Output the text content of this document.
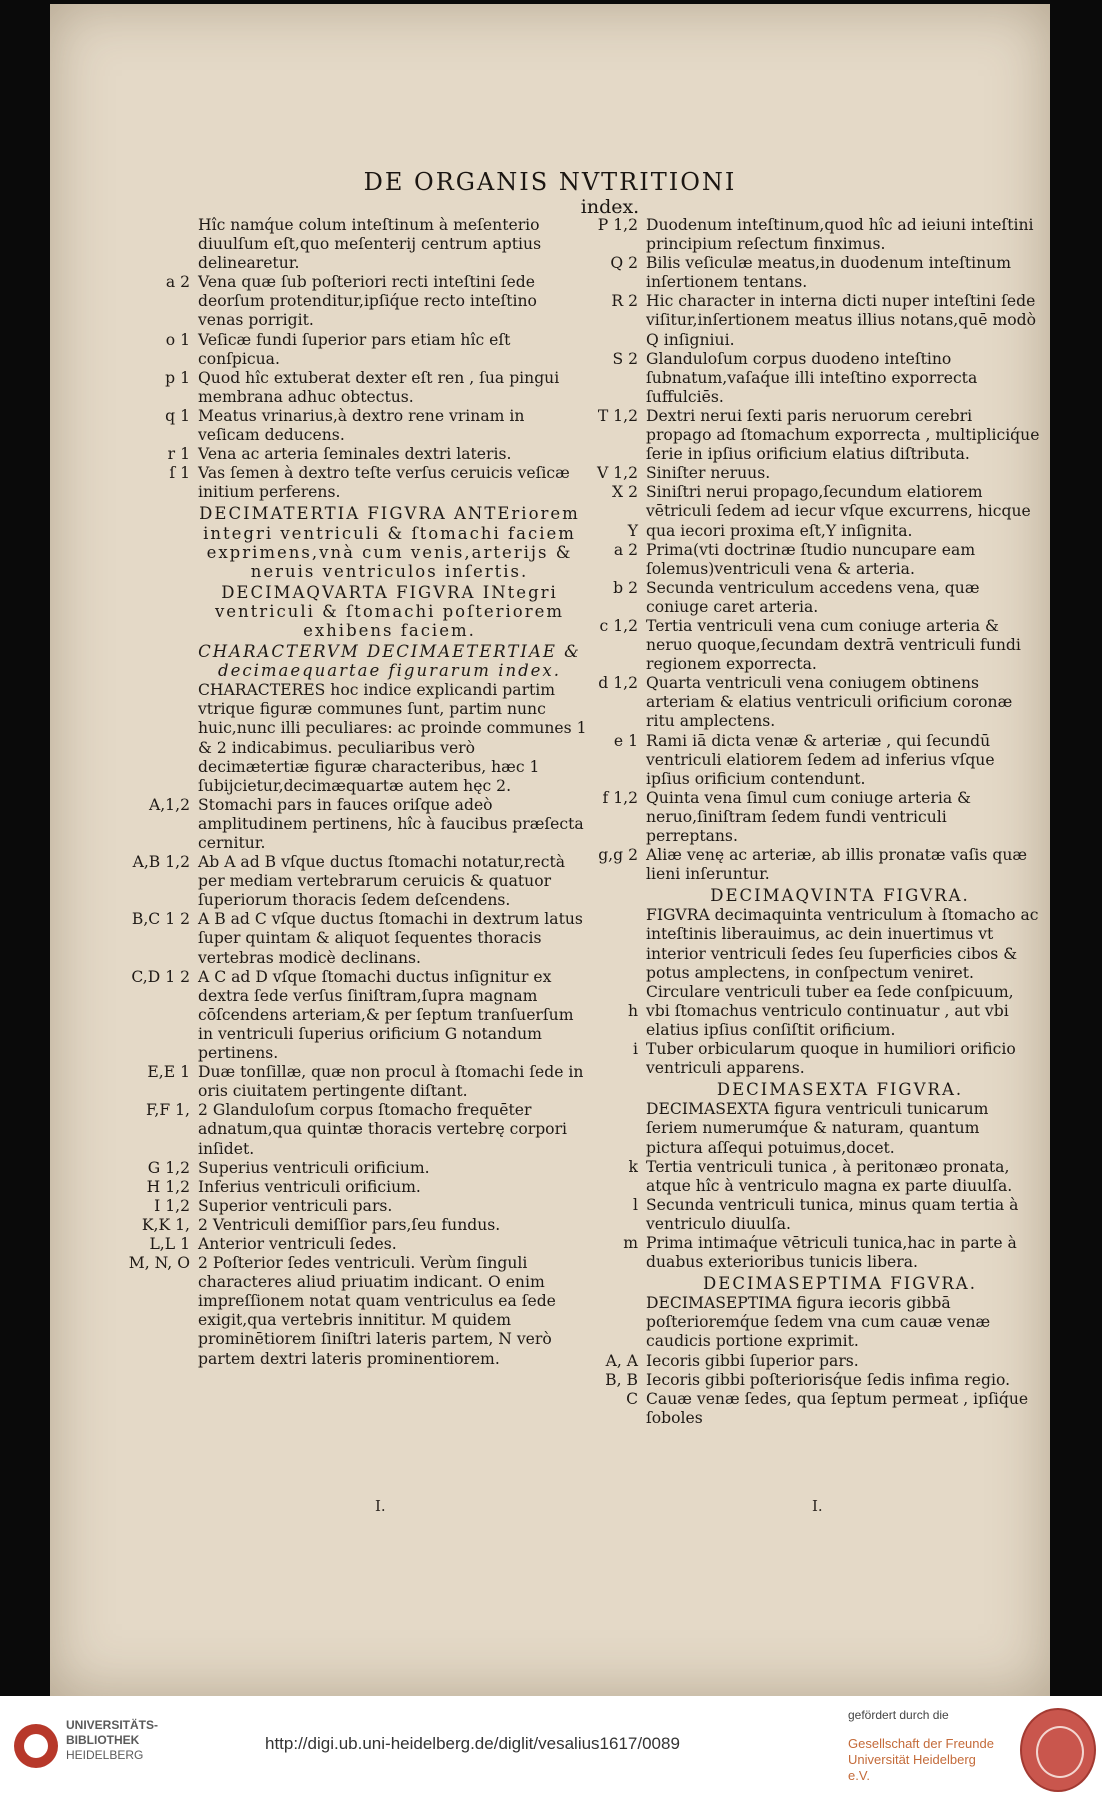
DE ORGANIS NVTRITIONI
index.
Hîc namq́ue colum inteſtinum à meſenterio diuulſum eſt,quo meſenterij centrum aptius delinearetur.
a 2 Vena quæ ſub poſteriori recti inteſtini ſede deorſum protenditur,ipſiq́ue recto inteſtino venas porrigit.
o 1 Veſicæ fundi ſuperior pars etiam hîc eſt conſpicua.
p 1 Quod hîc extuberat dexter eſt ren , ſua pingui membrana adhuc obtectus.
q 1 Meatus vrinarius,à dextro rene vrinam in veſicam deducens.
r 1 Vena ac arteria ſeminales dextri lateris.
ſ 1 Vas ſemen à dextro teſte verſus ceruicis veſicæ initium perferens.
DECIMATERTIA FIGVRA ANTEriorem integri ventriculi & ſtomachi faciem exprimens,vnà cum venis,arterijs & neruis ventriculos inſertis.
DECIMAQVARTA FIGVRA INtegri ventriculi & ſtomachi poſteriorem exhibens faciem.
CHARACTERVM DECIMAETERTIAE & decimaequartae figurarum index.
CHARACTERES hoc indice explicandi partim vtrique figuræ communes ſunt, partim nunc huic,nunc illi peculiares: ac proinde communes 1 & 2 indicabimus. peculiaribus verò decimætertiæ figuræ characteribus, hæc 1 ſubijcietur,decimæquartæ autem hęc 2.
A,1,2 Stomachi pars in fauces oriſque adeò amplitudinem pertinens, hîc à faucibus præſecta cernitur.
A,B 1,2 Ab A ad B vſque ductus ſtomachi notatur,rectà per mediam vertebrarum ceruicis & quatuor ſuperiorum thoracis ſedem deſcendens.
B,C 1 2 A B ad C vſque ductus ſtomachi in dextrum latus ſuper quintam & aliquot ſequentes thoracis vertebras modicè declinans.
C,D 1 2 A C ad D vſque ſtomachi ductus inſignitur ex dextra ſede verſus ſiniſtram,ſupra magnam cōſcendens arteriam,& per ſeptum tranſuerſum in ventriculi ſuperius orificium G notandum pertinens.
E,E 1 Duæ tonſillæ, quæ non procul à ſtomachi ſede in oris ciuitatem pertingente diſtant.
F,F 1, 2 Glanduloſum corpus ſtomacho frequēter adnatum,qua quintæ thoracis vertebrę corpori inſidet.
G 1,2 Superius ventriculi orificium.
H 1,2 Inferius ventriculi orificium.
I 1,2 Superior ventriculi pars.
K,K 1, 2 Ventriculi demiſſior pars,ſeu fundus.
L,L 1 Anterior ventriculi ſedes.
M, N, O 2 Poſterior ſedes ventriculi. Verùm ſinguli characteres aliud priuatim indicant. O enim impreſſionem notat quam ventriculus ea ſede exigit,qua vertebris innititur. M quidem prominētiorem ſiniſtri lateris partem, N verò partem dextri lateris prominentiorem.
P 1,2 Duodenum inteſtinum,quod hîc ad ieiuni inteſtini principium reſectum finximus.
Q 2 Bilis veſiculæ meatus,in duodenum inteſtinum inſertionem tentans.
R 2 Hic character in interna dicti nuper inteſtini ſede viſitur,inſertionem meatus illius notans,quē modò Q inſigniui.
S 2 Glanduloſum corpus duodeno inteſtino ſubnatum,vaſaq́ue illi inteſtino exporrecta ſuffulciēs.
T 1,2 Dextri nerui ſexti paris neruorum cerebri propago ad ſtomachum exporrecta , multipliciq́ue ſerie in ipſius orificium elatius diſtributa.
V 1,2 Siniſter neruus.
X 2 Siniſtri nerui propago,ſecundum elatiorem vētriculi ſedem ad iecur vſque excurrens, hicque
Y qua iecori proxima eſt,Y inſignita.
a 2 Prima(vti doctrinæ ſtudio nuncupare eam ſolemus)ventriculi vena & arteria.
b 2 Secunda ventriculum accedens vena, quæ coniuge caret arteria.
c 1,2 Tertia ventriculi vena cum coniuge arteria & neruo quoque,ſecundam dextrā ventriculi fundi regionem exporrecta.
d 1,2 Quarta ventriculi vena coniugem obtinens arteriam & elatius ventriculi orificium coronæ ritu amplectens.
e 1 Rami iā dicta venæ & arteriæ , qui ſecundū ventriculi elatiorem ſedem ad inferius vſque ipſius orificium contendunt.
f 1,2 Quinta vena ſimul cum coniuge arteria & neruo,ſiniſtram ſedem fundi ventriculi perreptans.
g,g 2 Aliæ venę ac arteriæ, ab illis pronatæ vaſis quæ lieni inſeruntur.
DECIMAQVINTA FIGVRA.
FIGVRA decimaquinta ventriculum à ſtomacho ac inteſtinis liberauimus, ac dein inuertimus vt interior ventriculi ſedes ſeu ſuperficies cibos & potus amplectens, in conſpectum veniret.
Circulare ventriculi tuber ea ſede conſpicuum,
h vbi ſtomachus ventriculo continuatur , aut vbi elatius ipſius conſiſtit orificium.
i Tuber orbicularum quoque in humiliori orificio ventriculi apparens.
DECIMASEXTA FIGVRA.
DECIMASEXTA figura ventriculi tunicarum ſeriem numerumq́ue & naturam, quantum pictura aſſequi potuimus,docet.
k Tertia ventriculi tunica , à peritonæo pronata, atque hîc à ventriculo magna ex parte diuulſa.
l Secunda ventriculi tunica, minus quam tertia à ventriculo diuulſa.
m Prima intimaq́ue vētriculi tunica,hac in parte à duabus exterioribus tunicis libera.
DECIMASEPTIMA FIGVRA.
DECIMASEPTIMA figura iecoris gibbā poſterioremq́ue ſedem vna cum cauæ venæ caudicis portione exprimit.
A, A Iecoris gibbi ſuperior pars.
B, B Iecoris gibbi poſteriorisq́ue ſedis infima regio.
C Cauæ venæ ſedes, qua ſeptum permeat , ipſiq́ue ſoboles
I.	I.
UNIVERSITÄTS-
BIBLIOTHEK
HEIDELBERG
http://digi.ub.uni-heidelberg.de/diglit/vesalius1617/0089
gefördert durch die
Gesellschaft der Freunde
Universität Heidelberg e.V.
